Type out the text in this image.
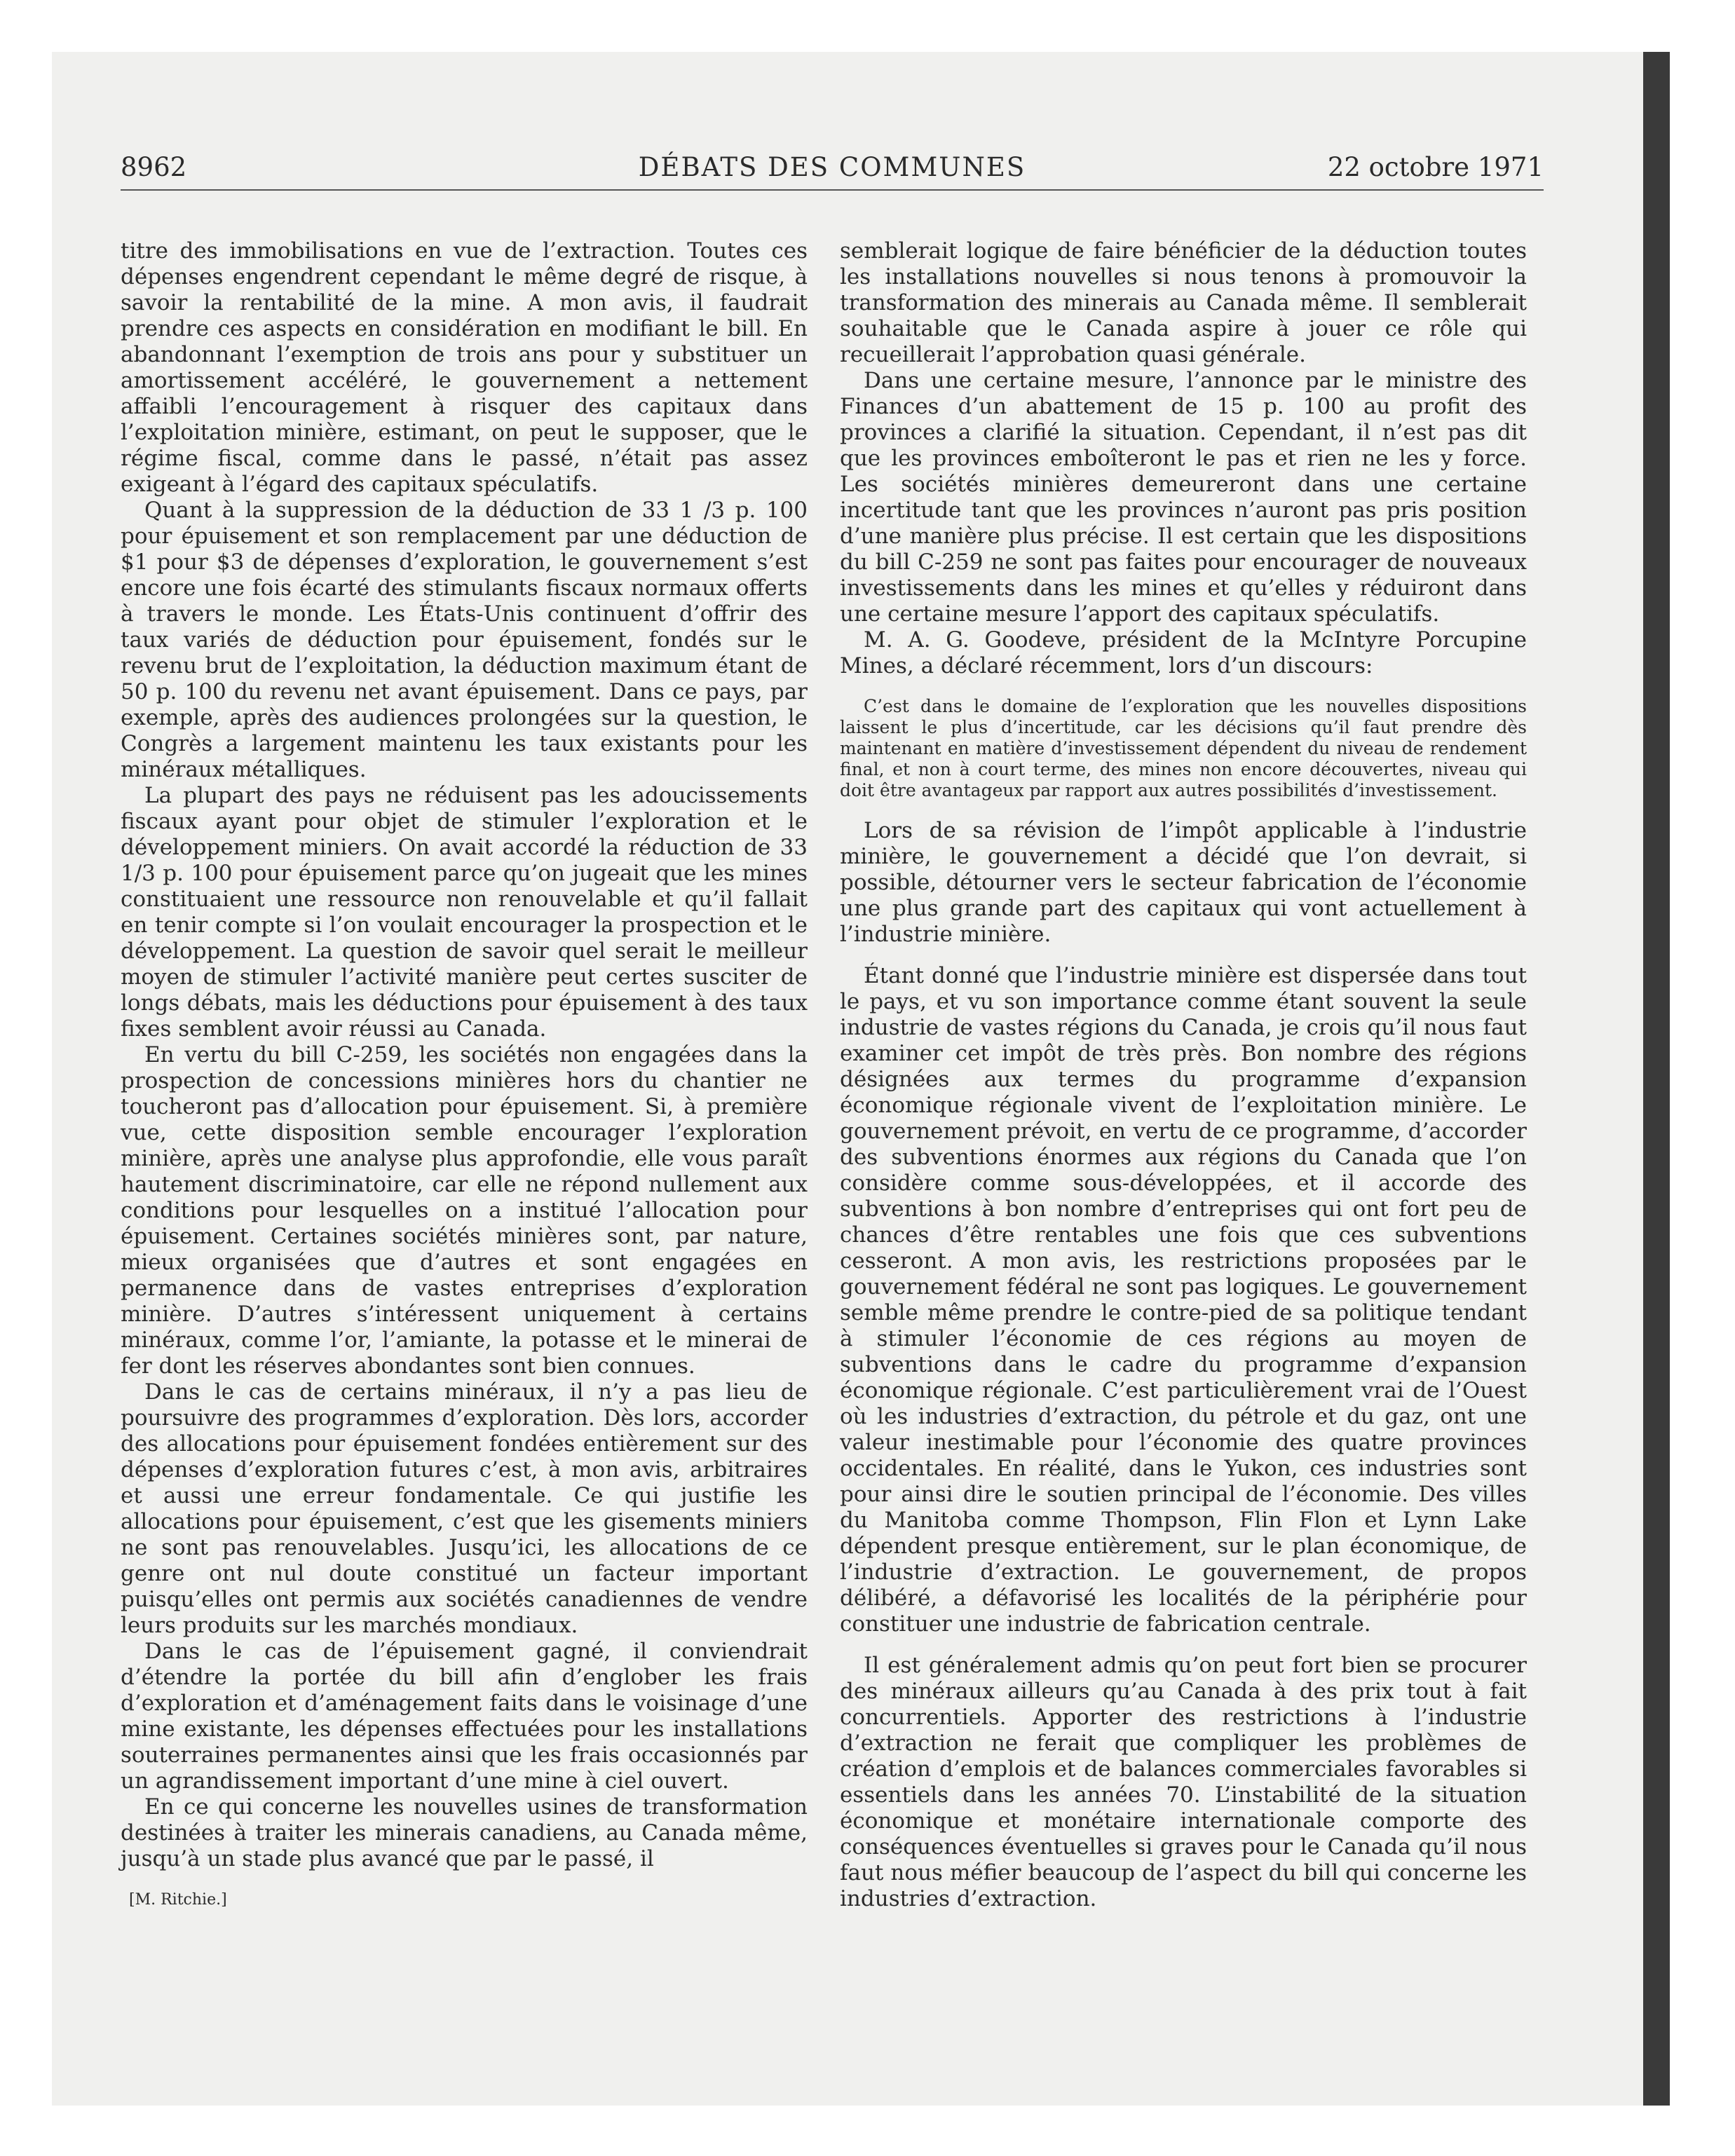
8962	DÉBATS DES COMMUNES	22 octobre 1971

titre des immobilisations en vue de l’extraction. Toutes ces dépenses engendrent cependant le même degré de risque, à savoir la rentabilité de la mine. A mon avis, il faudrait prendre ces aspects en considération en modifiant le bill. En abandonnant l’exemption de trois ans pour y substituer un amortissement accéléré, le gouvernement a nettement affaibli l’encouragement à risquer des capitaux dans l’exploitation minière, estimant, on peut le supposer, que le régime fiscal, comme dans le passé, n’était pas assez exigeant à l’égard des capitaux spéculatifs.

Quant à la suppression de la déduction de 33 1 /3 p. 100 pour épuisement et son remplacement par une déduction de $1 pour $3 de dépenses d’exploration, le gouvernement s’est encore une fois écarté des stimulants fiscaux normaux offerts à travers le monde. Les États-Unis continuent d’offrir des taux variés de déduction pour épuisement, fondés sur le revenu brut de l’exploitation, la déduction maximum étant de 50 p. 100 du revenu net avant épuisement. Dans ce pays, par exemple, après des audiences prolongées sur la question, le Congrès a largement maintenu les taux existants pour les minéraux métalliques.

La plupart des pays ne réduisent pas les adoucissements fiscaux ayant pour objet de stimuler l’exploration et le développement miniers. On avait accordé la réduction de 33 1/3 p. 100 pour épuisement parce qu’on jugeait que les mines constituaient une ressource non renouvelable et qu’il fallait en tenir compte si l’on voulait encourager la prospection et le développement. La question de savoir quel serait le meilleur moyen de stimuler l’activité manière peut certes susciter de longs débats, mais les déductions pour épuisement à des taux fixes semblent avoir réussi au Canada.

En vertu du bill C-259, les sociétés non engagées dans la prospection de concessions minières hors du chantier ne toucheront pas d’allocation pour épuisement. Si, à première vue, cette disposition semble encourager l’exploration minière, après une analyse plus approfondie, elle vous paraît hautement discriminatoire, car elle ne répond nullement aux conditions pour lesquelles on a institué l’allocation pour épuisement. Certaines sociétés minières sont, par nature, mieux organisées que d’autres et sont engagées en permanence dans de vastes entreprises d’exploration minière. D’autres s’intéressent uniquement à certains minéraux, comme l’or, l’amiante, la potasse et le minerai de fer dont les réserves abondantes sont bien connues.

Dans le cas de certains minéraux, il n’y a pas lieu de poursuivre des programmes d’exploration. Dès lors, accorder des allocations pour épuisement fondées entièrement sur des dépenses d’exploration futures c’est, à mon avis, arbitraires et aussi une erreur fondamentale. Ce qui justifie les allocations pour épuisement, c’est que les gisements miniers ne sont pas renouvelables. Jusqu’ici, les allocations de ce genre ont nul doute constitué un facteur important puisqu’elles ont permis aux sociétés canadiennes de vendre leurs produits sur les marchés mondiaux.

Dans le cas de l’épuisement gagné, il conviendrait d’étendre la portée du bill afin d’englober les frais d’exploration et d’aménagement faits dans le voisinage d’une mine existante, les dépenses effectuées pour les installations souterraines permanentes ainsi que les frais occasionnés par un agrandissement important d’une mine à ciel ouvert.

En ce qui concerne les nouvelles usines de transformation destinées à traiter les minerais canadiens, au Canada même, jusqu’à un stade plus avancé que par le passé, il

[M. Ritchie.]

semblerait logique de faire bénéficier de la déduction toutes les installations nouvelles si nous tenons à promouvoir la transformation des minerais au Canada même. Il semblerait souhaitable que le Canada aspire à jouer ce rôle qui recueillerait l’approbation quasi générale.

Dans une certaine mesure, l’annonce par le ministre des Finances d’un abattement de 15 p. 100 au profit des provinces a clarifié la situation. Cependant, il n’est pas dit que les provinces emboîteront le pas et rien ne les y force. Les sociétés minières demeureront dans une certaine incertitude tant que les provinces n’auront pas pris position d’une manière plus précise. Il est certain que les dispositions du bill C-259 ne sont pas faites pour encourager de nouveaux investissements dans les mines et qu’elles y réduiront dans une certaine mesure l’apport des capitaux spéculatifs.

M. A. G. Goodeve, président de la McIntyre Porcupine Mines, a déclaré récemment, lors d’un discours:

C’est dans le domaine de l’exploration que les nouvelles dispositions laissent le plus d’incertitude, car les décisions qu’il faut prendre dès maintenant en matière d’investissement dépendent du niveau de rendement final, et non à court terme, des mines non encore découvertes, niveau qui doit être avantageux par rapport aux autres possibilités d’investissement.

Lors de sa révision de l’impôt applicable à l’industrie minière, le gouvernement a décidé que l’on devrait, si possible, détourner vers le secteur fabrication de l’économie une plus grande part des capitaux qui vont actuellement à l’industrie minière.

Étant donné que l’industrie minière est dispersée dans tout le pays, et vu son importance comme étant souvent la seule industrie de vastes régions du Canada, je crois qu’il nous faut examiner cet impôt de très près. Bon nombre des régions désignées aux termes du programme d’expansion économique régionale vivent de l’exploitation minière. Le gouvernement prévoit, en vertu de ce programme, d’accorder des subventions énormes aux régions du Canada que l’on considère comme sous-développées, et il accorde des subventions à bon nombre d’entreprises qui ont fort peu de chances d’être rentables une fois que ces subventions cesseront. A mon avis, les restrictions proposées par le gouvernement fédéral ne sont pas logiques. Le gouvernement semble même prendre le contre-pied de sa politique tendant à stimuler l’économie de ces régions au moyen de subventions dans le cadre du programme d’expansion économique régionale. C’est particulièrement vrai de l’Ouest où les industries d’extraction, du pétrole et du gaz, ont une valeur inestimable pour l’économie des quatre provinces occidentales. En réalité, dans le Yukon, ces industries sont pour ainsi dire le soutien principal de l’économie. Des villes du Manitoba comme Thompson, Flin Flon et Lynn Lake dépendent presque entièrement, sur le plan économique, de l’industrie d’extraction. Le gouvernement, de propos délibéré, a défavorisé les localités de la périphérie pour constituer une industrie de fabrication centrale.

Il est généralement admis qu’on peut fort bien se procurer des minéraux ailleurs qu’au Canada à des prix tout à fait concurrentiels. Apporter des restrictions à l’industrie d’extraction ne ferait que compliquer les problèmes de création d’emplois et de balances commerciales favorables si essentiels dans les années 70. L’instabilité de la situation économique et monétaire internationale comporte des conséquences éventuelles si graves pour le Canada qu’il nous faut nous méfier beaucoup de l’aspect du bill qui concerne les industries d’extraction.
